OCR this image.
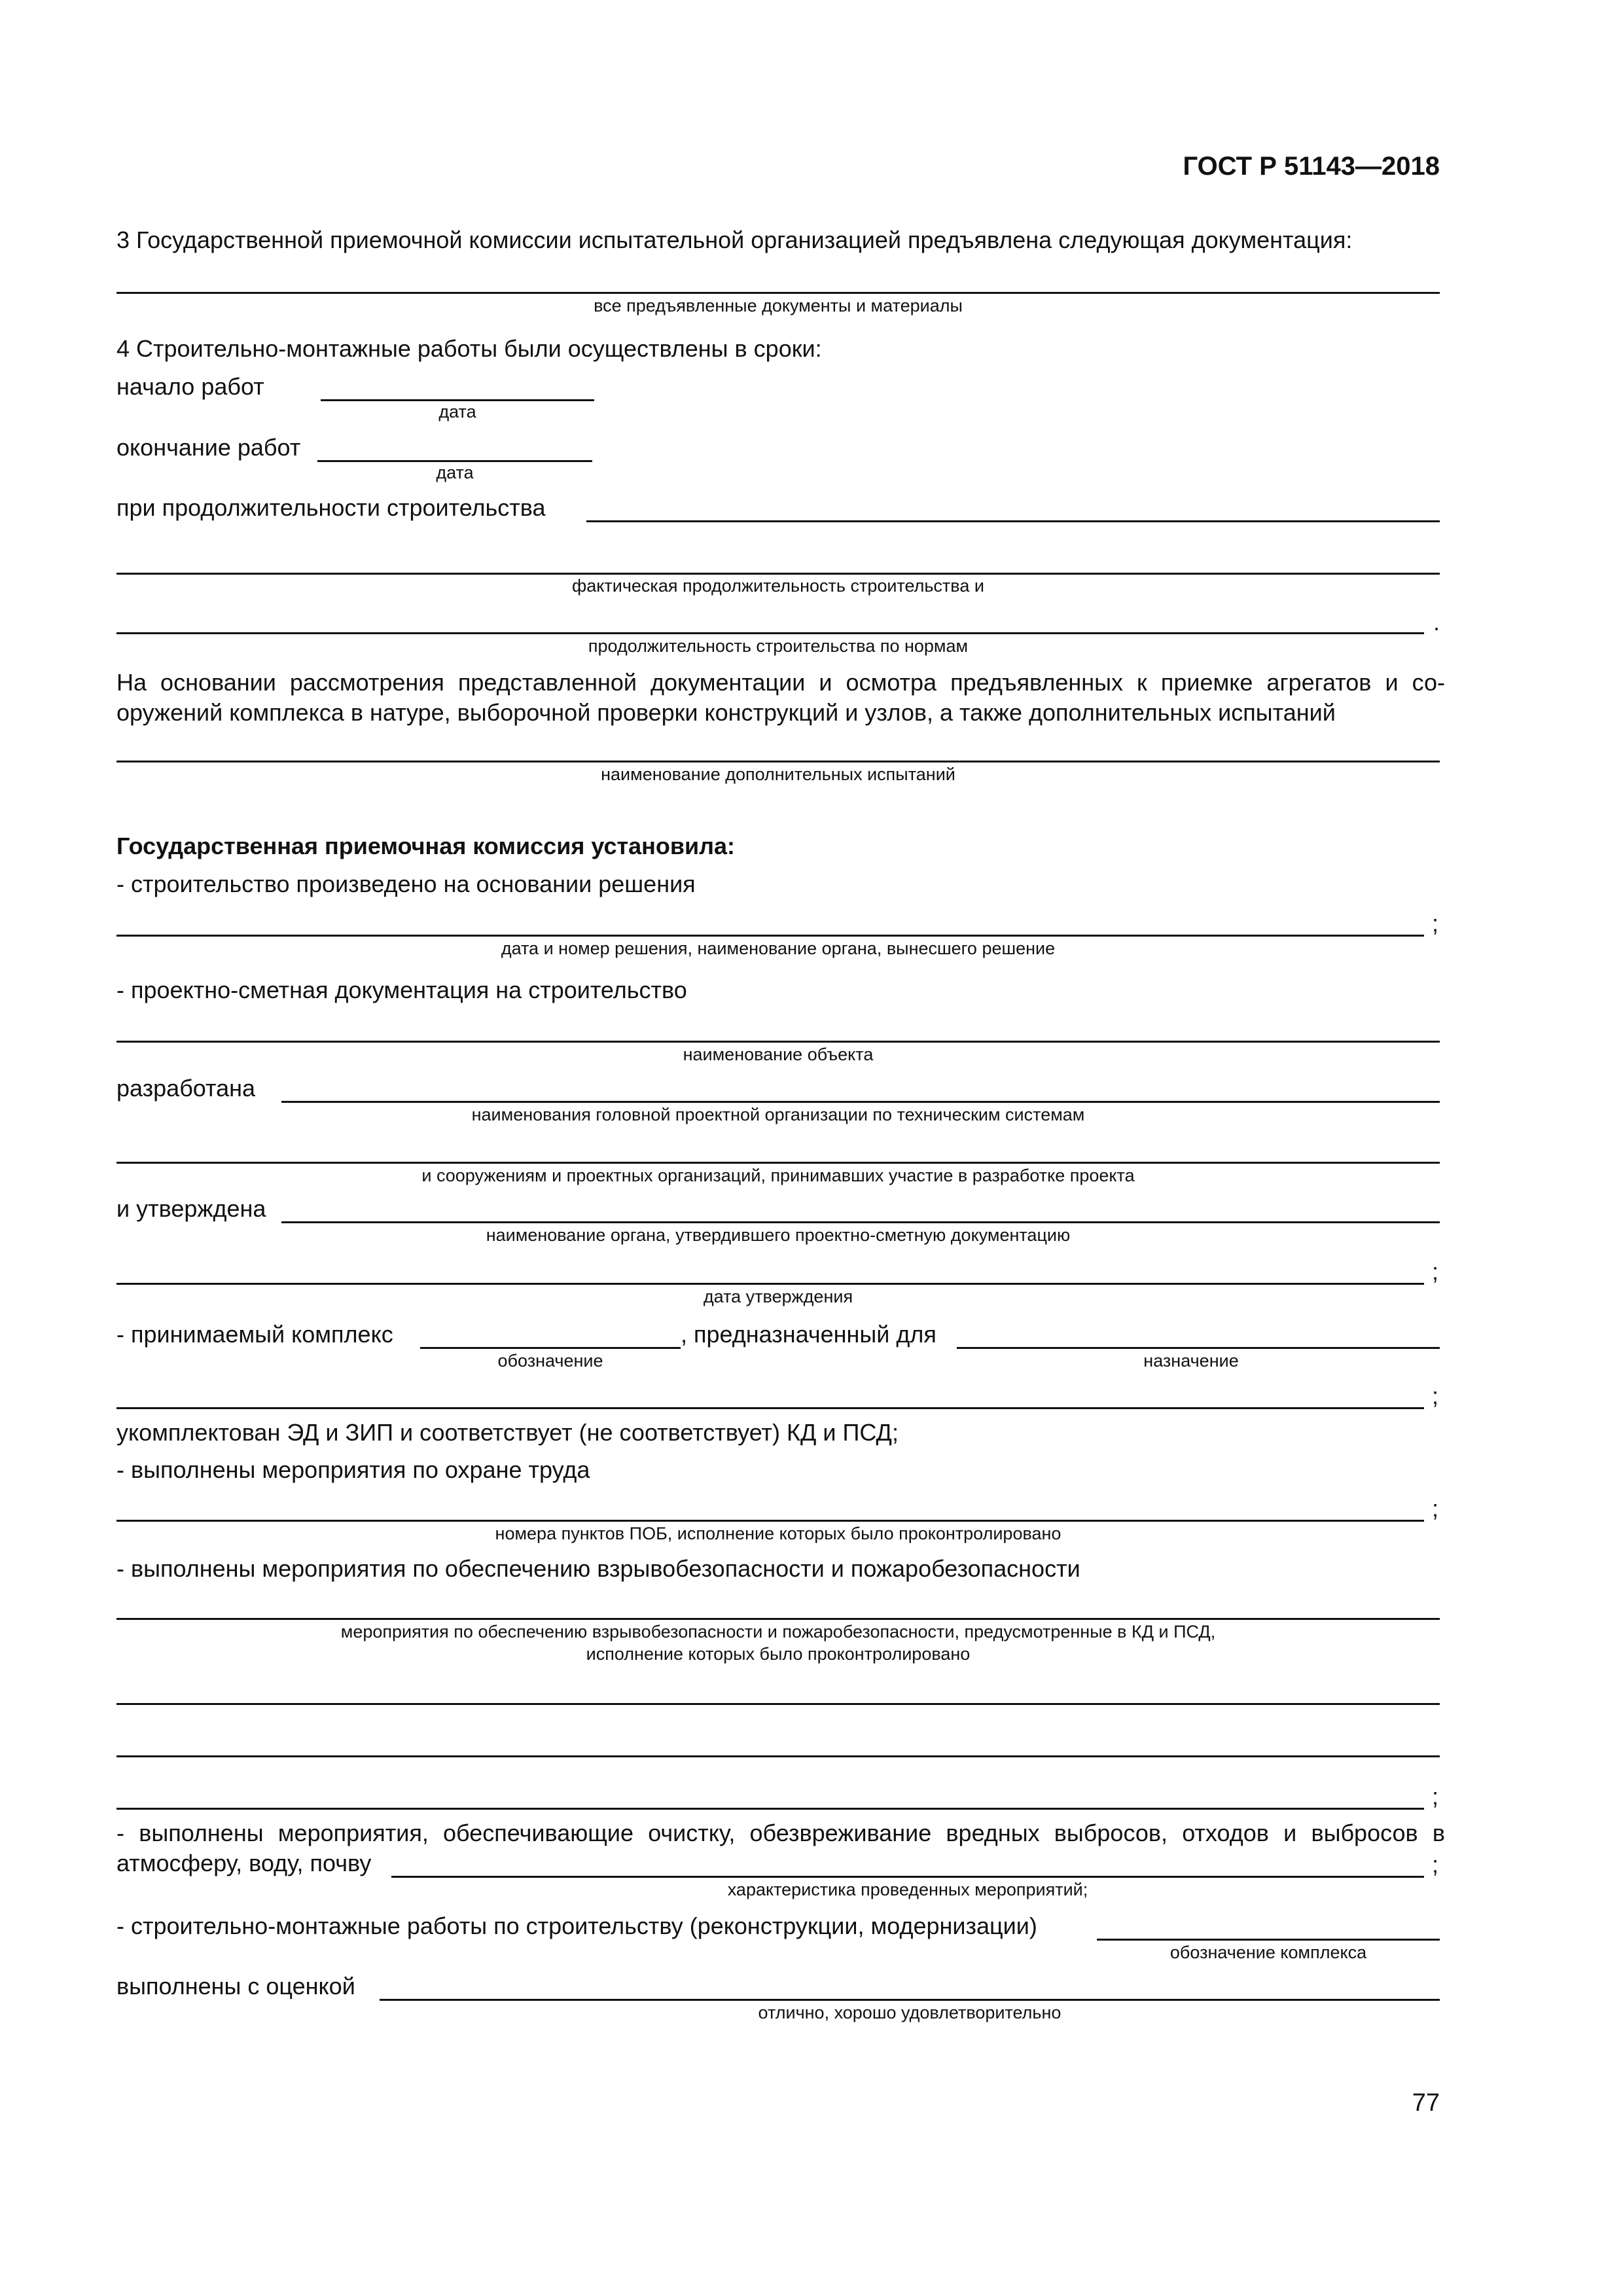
ГОСТ Р 51143—2018
3 Государственной приемочной комиссии испытательной организацией предъявлена следующая документация:
все предъявленные документы и материалы
4 Строительно-монтажные работы были осуществлены в сроки:
начало работ
дата
окончание работ
дата
при продолжительности строительства
фактическая продолжительность строительства и
.
продолжительность строительства по нормам
На основании рассмотрения представленной документации и осмотра предъявленных к приемке агрегатов и со-
оружений комплекса в натуре, выборочной проверки конструкций и узлов, а также дополнительных испытаний
наименование дополнительных испытаний
Государственная приемочная комиссия установила:
- строительство произведено на основании решения
;
дата и номер решения, наименование органа, вынесшего решение
- проектно-сметная документация на строительство
наименование объекта
разработана
наименования головной проектной организации по техническим системам
и сооружениям и проектных организаций, принимавших участие в разработке проекта
и утверждена
наименование органа, утвердившего проектно-сметную документацию
;
дата утверждения
- принимаемый комплекс	, предназначенный для
обозначение	назначение
;
укомплектован ЭД и ЗИП и соответствует (не соответствует) КД и ПСД;
- выполнены мероприятия по охране труда
;
номера пунктов ПОБ, исполнение которых было проконтролировано
- выполнены мероприятия по обеспечению взрывобезопасности и пожаробезопасности
мероприятия по обеспечению взрывобезопасности и пожаробезопасности, предусмотренные в КД и ПСД,
исполнение которых было проконтролировано
;
- выполнены мероприятия, обеспечивающие очистку, обезвреживание вредных выбросов, отходов и выбросов в
атмосферу, воду, почву	;
характеристика проведенных мероприятий;
- строительно-монтажные работы по строительству (реконструкции, модернизации)
обозначение комплекса
выполнены с оценкой
отлично, хорошо удовлетворительно
77
